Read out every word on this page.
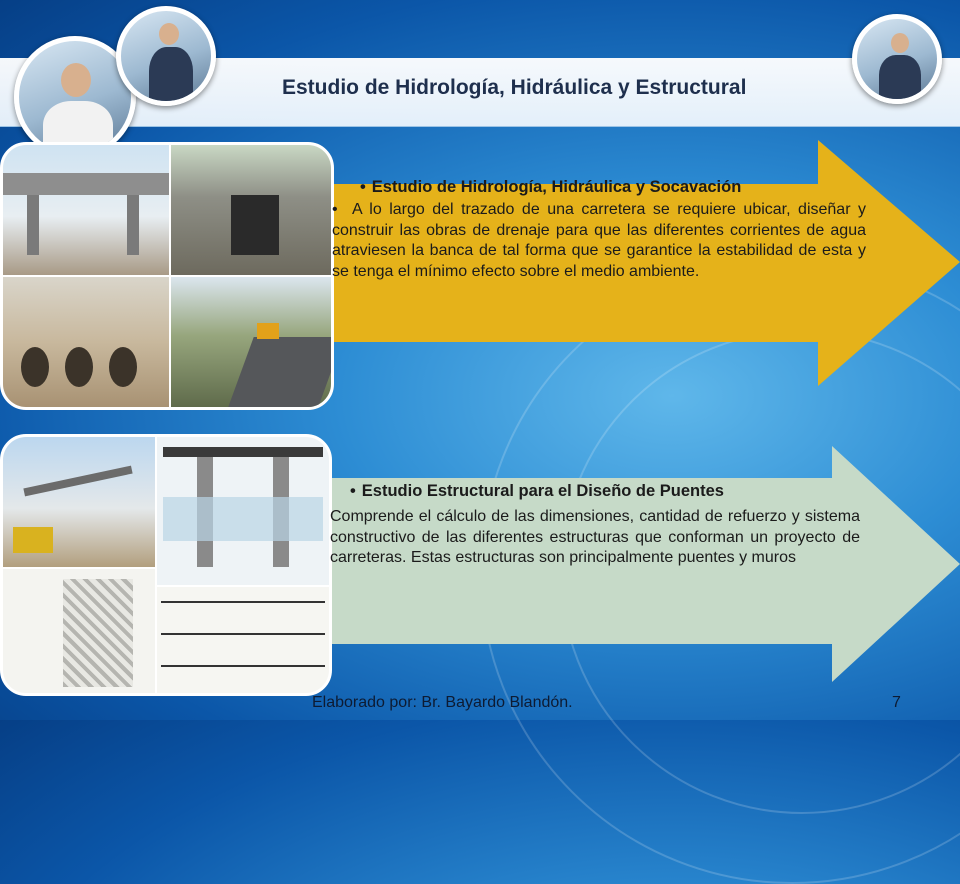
Estudio de Hidrología, Hidráulica y Estructural
• Estudio de Hidrología, Hidráulica y Socavación
• A lo largo del trazado de una carretera se requiere ubicar, diseñar y construir las obras de drenaje para que las diferentes corrientes de agua atraviesen la banca de tal forma que se garantice la estabilidad de esta y se tenga el mínimo efecto sobre el medio ambiente.
• Estudio Estructural para el Diseño de Puentes
Comprende el cálculo de las dimensiones, cantidad de refuerzo y sistema constructivo de las diferentes estructuras que conforman un proyecto de carreteras. Estas estructuras son principalmente puentes y muros
Elaborado por: Br. Bayardo Blandón.	7
